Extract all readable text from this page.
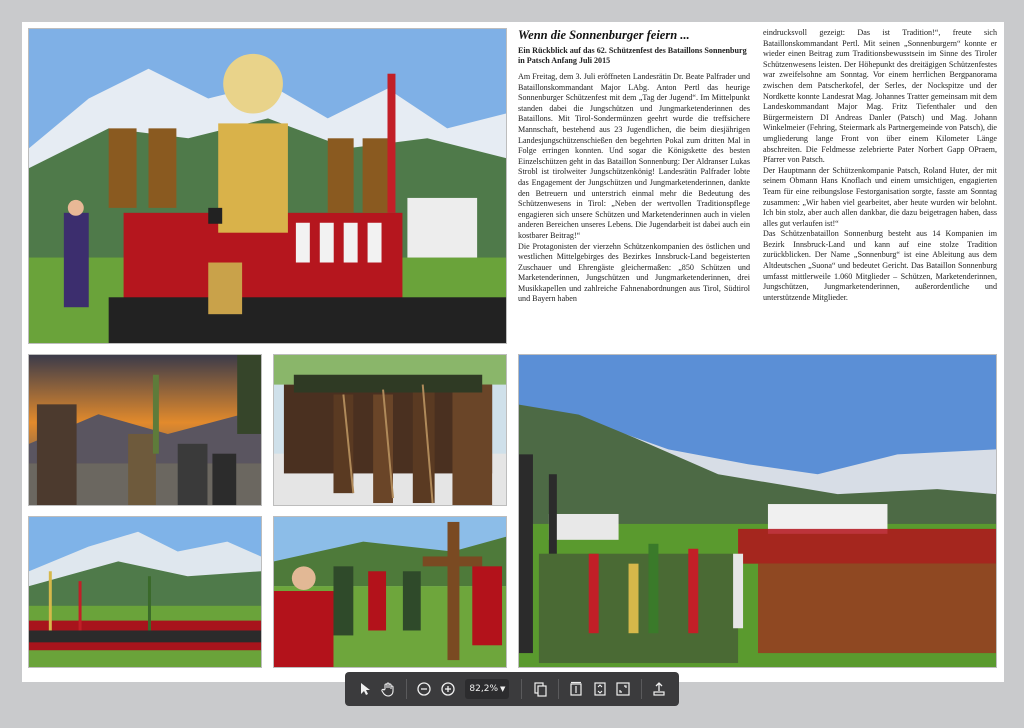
Wenn die Sonnenburger feiern ...
Ein Rückblick auf das 62. Schützenfest des Bataillons Sonnenburg in Patsch Anfang Juli 2015

Am Freitag, dem 3. Juli eröffneten Landesrätin Dr. Beate Palfrader und Bataillonskommandant Major LAbg. Anton Pertl das heurige Sonnenburger Schützenfest mit dem „Tag der Jugend“. Im Mittelpunkt standen dabei die Jungschützen und Jungmarketenderinnen des Bataillons. Mit Tirol-Sondermünzen geehrt wurde die treffsichere Mannschaft, bestehend aus 23 Jugendlichen, die beim diesjährigen Landesjungschützenschießen den begehrten Pokal zum dritten Mal in Folge erringen konnten. Und sogar die Königskette des besten Einzelschützen geht in das Bataillon Sonnenburg: Der Aldranser Lukas Strobl ist tirolweiter Jungschützenkönig! Landesrätin Palfrader lobte das Engagement der Jungschützen und Jungmarketenderinnen, dankte den Betreuern und unterstrich einmal mehr die Bedeutung des Schützenwesens in Tirol: „Neben der wertvollen Traditionspflege engagieren sich unsere Schützen und Marketenderinnen auch in vielen anderen Bereichen unseres Lebens. Die Jugendarbeit ist dabei auch ein kostbarer Beitrag!“

Die Protagonisten der vierzehn Schützenkompanien des östlichen und westlichen Mittelgebirges des Bezirkes Innsbruck-Land begeisterten Zuschauer und Ehrengäste gleichermaßen: „850 Schützen und Marketenderinnen, Jungschützen und Jungmarketenderinnen, drei Musikkapellen und zahlreiche Fahnenabordnungen aus Tirol, Südtirol und Bayern haben

eindrucksvoll gezeigt: Das ist Tradition!“, freute sich Bataillonskommandant Pertl. Mit seinen „Sonnenburgern“ konnte er wieder einen Beitrag zum Traditionsbewusstsein im Sinne des Tiroler Schützenwesens leisten. Der Höhepunkt des dreitägigen Schützenfestes war zweifelsohne am Sonntag. Vor einem herrlichen Bergpanorama zwischen dem Patscherkofel, der Serles, der Nockspitze und der Nordkette konnte Landesrat Mag. Johannes Tratter gemeinsam mit dem Landeskommandant Major Mag. Fritz Tiefenthaler und den Bürgermeistern DI Andreas Danler (Patsch) und Mag. Johann Winkelmeier (Fehring, Steiermark als Partnergemeinde von Patsch), die umgliederung lange Front von über einem Kilometer Länge abschreiten. Die Feldmesse zelebrierte Pater Norbert Gapp OPraem, Pfarrer von Patsch.

Der Hauptmann der Schützenkompanie Patsch, Roland Huter, der mit seinem Obmann Hans Knoflach und einem umsichtigen, engagierten Team für eine reibungslose Festorganisation sorgte, fasste am Sonntag zusammen: „Wir haben viel gearbeitet, aber heute wurden wir belohnt. Ich bin stolz, aber auch allen dankbar, die dazu beigetragen haben, dass alles gut verlaufen ist!“

Das Schützenbataillon Sonnenburg besteht aus 14 Kompanien im Bezirk Innsbruck-Land und kann auf eine stolze Tradition zurückblicken. Der Name „Sonnenburg“ ist eine Ableitung aus dem Altdeutschen „Suona“ und bedeutet Gericht. Das Bataillon Sonnenburg umfasst mittlerweile 1.060 Mitglieder – Schützen, Marketenderinnen, Jungschützen, Jungmarketenderinnen, außerordentliche und unterstützende Mitglieder.

82,2% ▼
